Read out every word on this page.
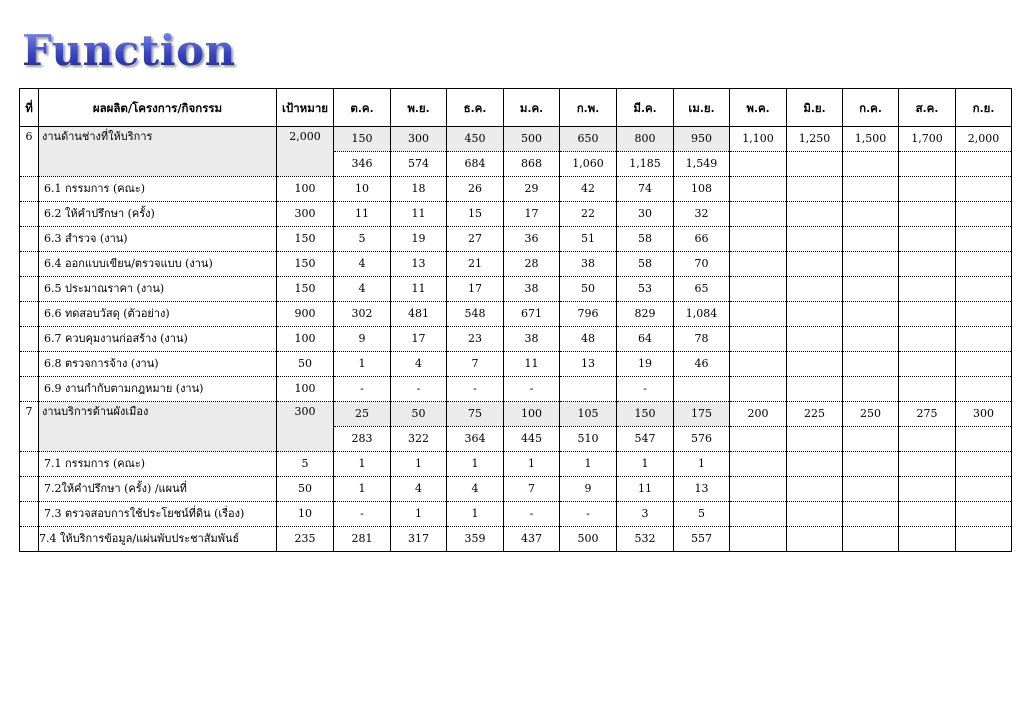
Function
ที่	ผลผลิต/โครงการ/กิจกรรม	เป้าหมาย	ต.ค.	พ.ย.	ธ.ค.	ม.ค.	ก.พ.	มี.ค.	เม.ย.	พ.ค.	มิ.ย.	ก.ค.	ส.ค.	ก.ย.
6	งานด้านช่างที่ให้บริการ	2,000	150	300	450	500	650	800	950	1,100	1,250	1,500	1,700	2,000
			346	574	684	868	1,060	1,185	1,549					
	6.1 กรรมการ (คณะ)	100	10	18	26	29	42	74	108					
	6.2 ให้คำปรึกษา (ครั้ง)	300	11	11	15	17	22	30	32					
	6.3 สำรวจ (งาน)	150	5	19	27	36	51	58	66					
	6.4 ออกแบบเขียน/ตรวจแบบ (งาน)	150	4	13	21	28	38	58	70					
	6.5 ประมาณราคา (งาน)	150	4	11	17	38	50	53	65					
	6.6 ทดสอบวัสดุ (ตัวอย่าง)	900	302	481	548	671	796	829	1,084					
	6.7 ควบคุมงานก่อสร้าง (งาน)	100	9	17	23	38	48	64	78					
	6.8 ตรวจการจ้าง (งาน)	50	1	4	7	11	13	19	46					
	6.9 งานกำกับตามกฎหมาย (งาน)	100	-	-	-	-		-						
7	งานบริการด้านผังเมือง	300	25	50	75	100	105	150	175	200	225	250	275	300
			283	322	364	445	510	547	576					
	7.1 กรรมการ (คณะ)	5	1	1	1	1	1	1	1					
	7.2ให้คำปรึกษา (ครั้ง) /แผนที่	50	1	4	4	7	9	11	13					
	7.3 ตรวจสอบการใช้ประโยชน์ที่ดิน (เรื่อง)	10	-	1	1	-	-	3	5					
	7.4 ให้บริการข้อมูล/แผ่นพับประชาสัมพันธ์	235	281	317	359	437	500	532	557					
